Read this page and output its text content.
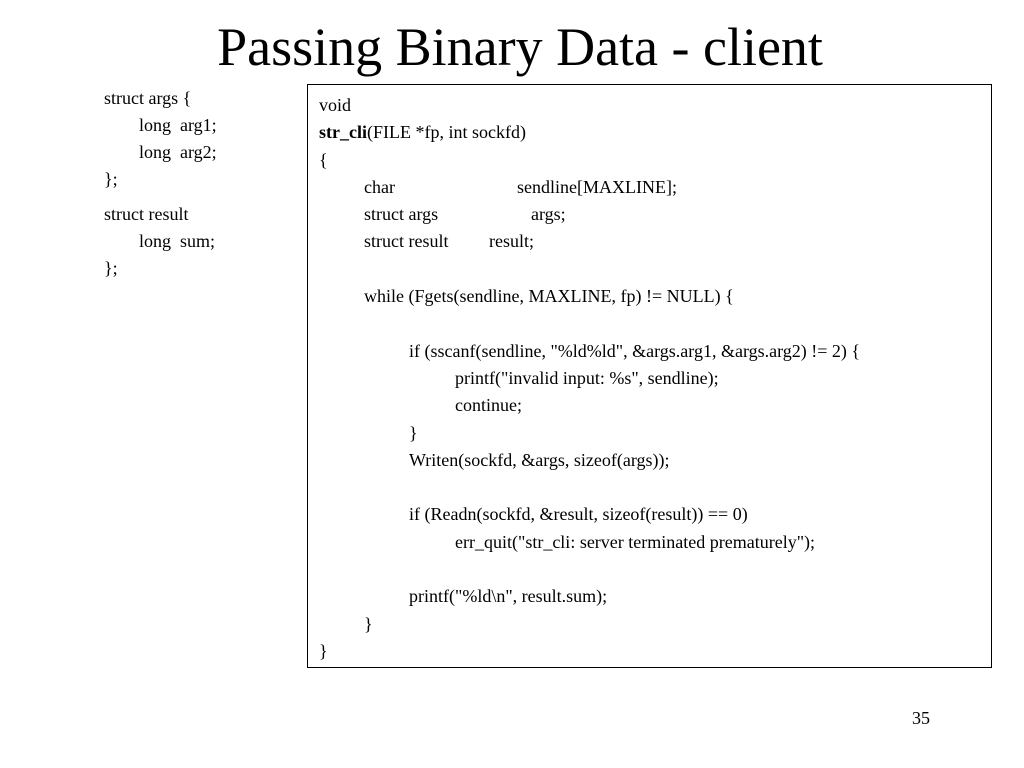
Passing Binary Data - client
struct args {
long  arg1;
long  arg2;
};
struct result
long  sum;
};
void
str_cli(FILE *fp, int sockfd)
{
char	sendline[MAXLINE];
struct args	args;
struct result result;
while (Fgets(sendline, MAXLINE, fp) != NULL) {
if (sscanf(sendline, "%ld%ld", &args.arg1, &args.arg2) != 2) {
printf("invalid input: %s", sendline);
continue;
}
Writen(sockfd, &args, sizeof(args));
if (Readn(sockfd, &result, sizeof(result)) == 0)
err_quit("str_cli: server terminated prematurely");
printf("%ld\n", result.sum);
}
}
35
